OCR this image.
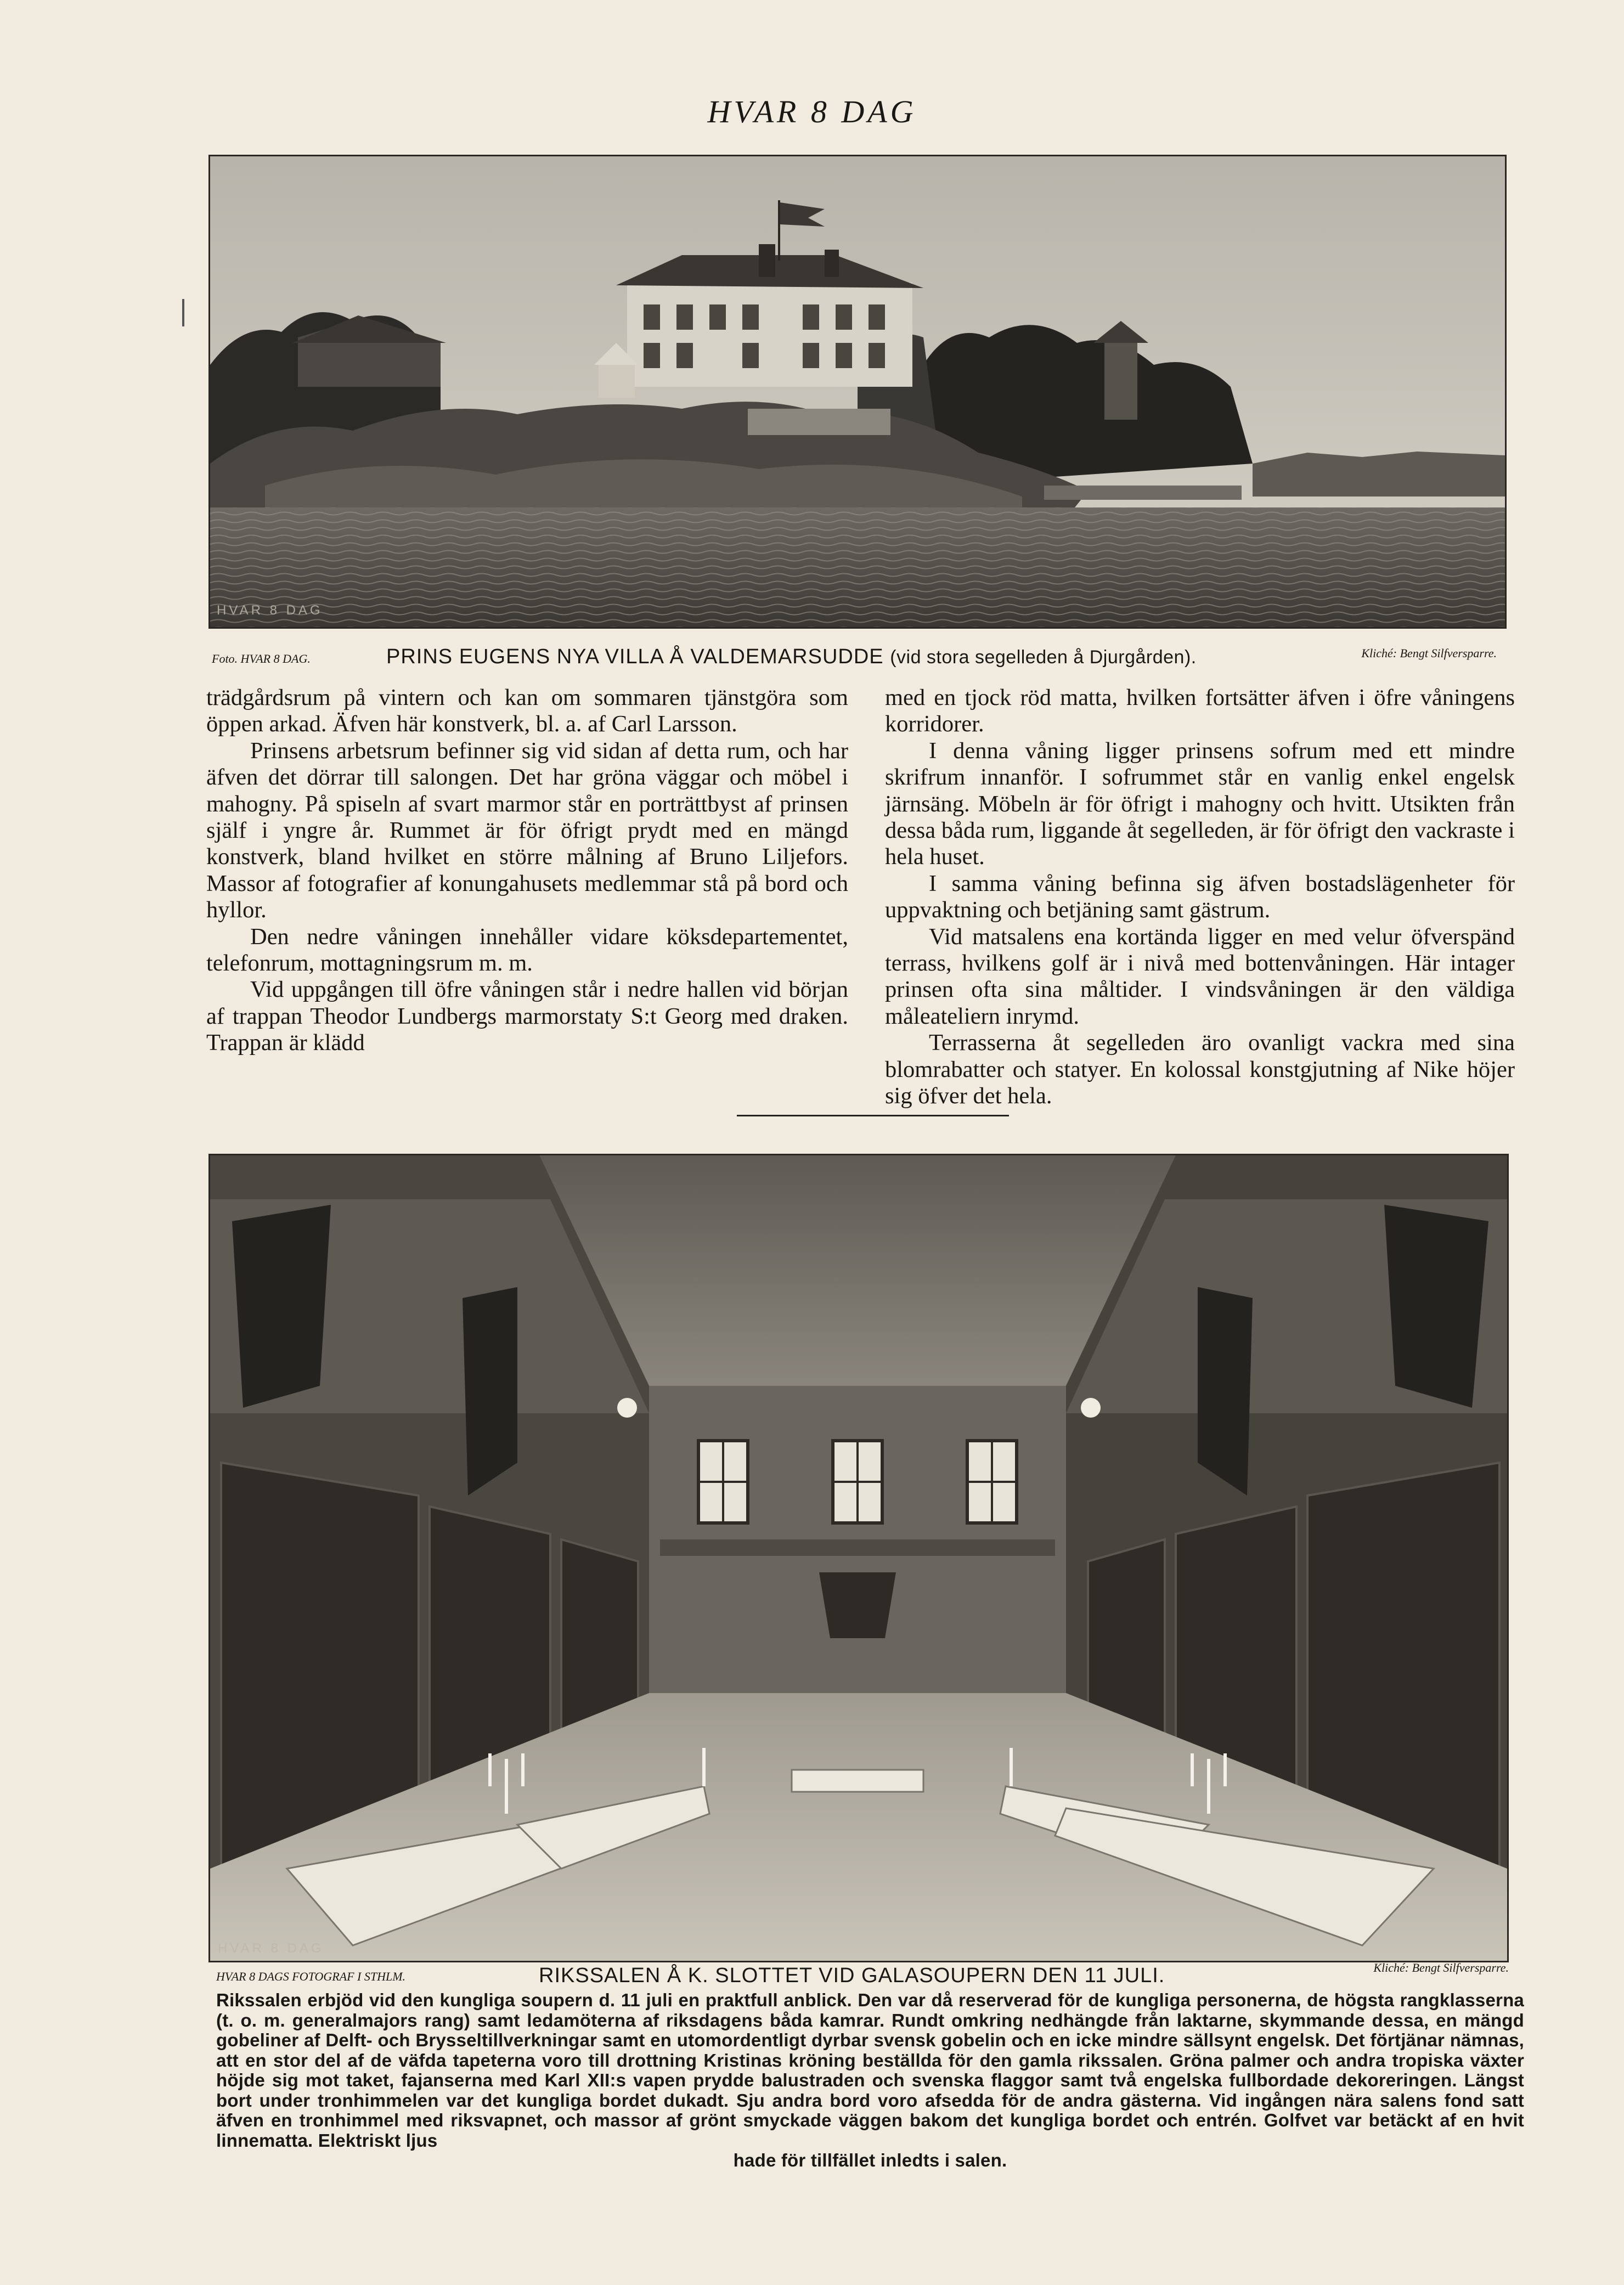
HVAR 8 DAG
HVAR 8 DAG
Foto. HVAR 8 DAG.	PRINS EUGENS NYA VILLA Å VALDEMARSUDDE (vid stora segelleden å Djurgården).	Kliché: Bengt Silfversparre.

trädgårdsrum på vintern och kan om sommaren tjänstgöra som öppen arkad. Äfven här konstverk, bl. a. af Carl Larsson.

Prinsens arbetsrum befinner sig vid sidan af detta rum, och har äfven det dörrar till salongen. Det har gröna väggar och möbel i mahogny. På spiseln af svart marmor står en porträttbyst af prinsen själf i yngre år. Rummet är för öfrigt prydt med en mängd konstverk, bland hvilket en större målning af Bruno Liljefors. Massor af fotografier af konungahusets medlemmar stå på bord och hyllor.

Den nedre våningen innehåller vidare köksdepartementet, telefonrum, mottagningsrum m. m.

Vid uppgången till öfre våningen står i nedre hallen vid början af trappan Theodor Lundbergs marmorstaty S:t Georg med draken. Trappan är klädd

med en tjock röd matta, hvilken fortsätter äfven i öfre våningens korridorer.

I denna våning ligger prinsens sofrum med ett mindre skrifrum innanför. I sofrummet står en vanlig enkel engelsk järnsäng. Möbeln är för öfrigt i mahogny och hvitt. Utsikten från dessa båda rum, liggande åt segelleden, är för öfrigt den vackraste i hela huset.

I samma våning befinna sig äfven bostadslägenheter för uppvaktning och betjäning samt gästrum.

Vid matsalens ena kortända ligger en med velur öfverspänd terrass, hvilkens golf är i nivå med bottenvåningen. Här intager prinsen ofta sina måltider. I vindsvåningen är den väldiga måleateliern inrymd.

Terrasserna åt segelleden äro ovanligt vackra med sina blomrabatter och statyer. En kolossal konstgjutning af Nike höjer sig öfver det hela.

HVAR 8 DAG
HVAR 8 DAGS FOTOGRAF I STHLM.	RIKSSALEN Å K. SLOTTET VID GALASOUPERN DEN 11 JULI.	Kliché: Bengt Silfversparre.
Rikssalen erbjöd vid den kungliga soupern d. 11 juli en praktfull anblick. Den var då reserverad för de kungliga personerna, de högsta rangklasserna (t. o. m. generalmajors rang) samt ledamöterna af riksdagens båda kamrar. Rundt omkring nedhängde från laktarne, skymmande dessa, en mängd gobeliner af Delft- och Brysseltillverkningar samt en utomordentligt dyrbar svensk gobelin och en icke mindre sällsynt engelsk. Det förtjänar nämnas, att en stor del af de väfda tapeterna voro till drottning Kristinas kröning beställda för den gamla rikssalen. Gröna palmer och andra tropiska växter höjde sig mot taket, fajanserna med Karl XII:s vapen prydde balustraden och svenska flaggor samt två engelska fullbordade dekoreringen. Längst bort under tronhimmelen var det kungliga bordet dukadt. Sju andra bord voro afsedda för de andra gästerna. Vid ingången nära salens fond satt äfven en tronhimmel med riksvapnet, och massor af grönt smyckade väggen bakom det kungliga bordet och entrén. Golfvet var betäckt af en hvit linnematta. Elektriskt ljus
hade för tillfället inledts i salen.
